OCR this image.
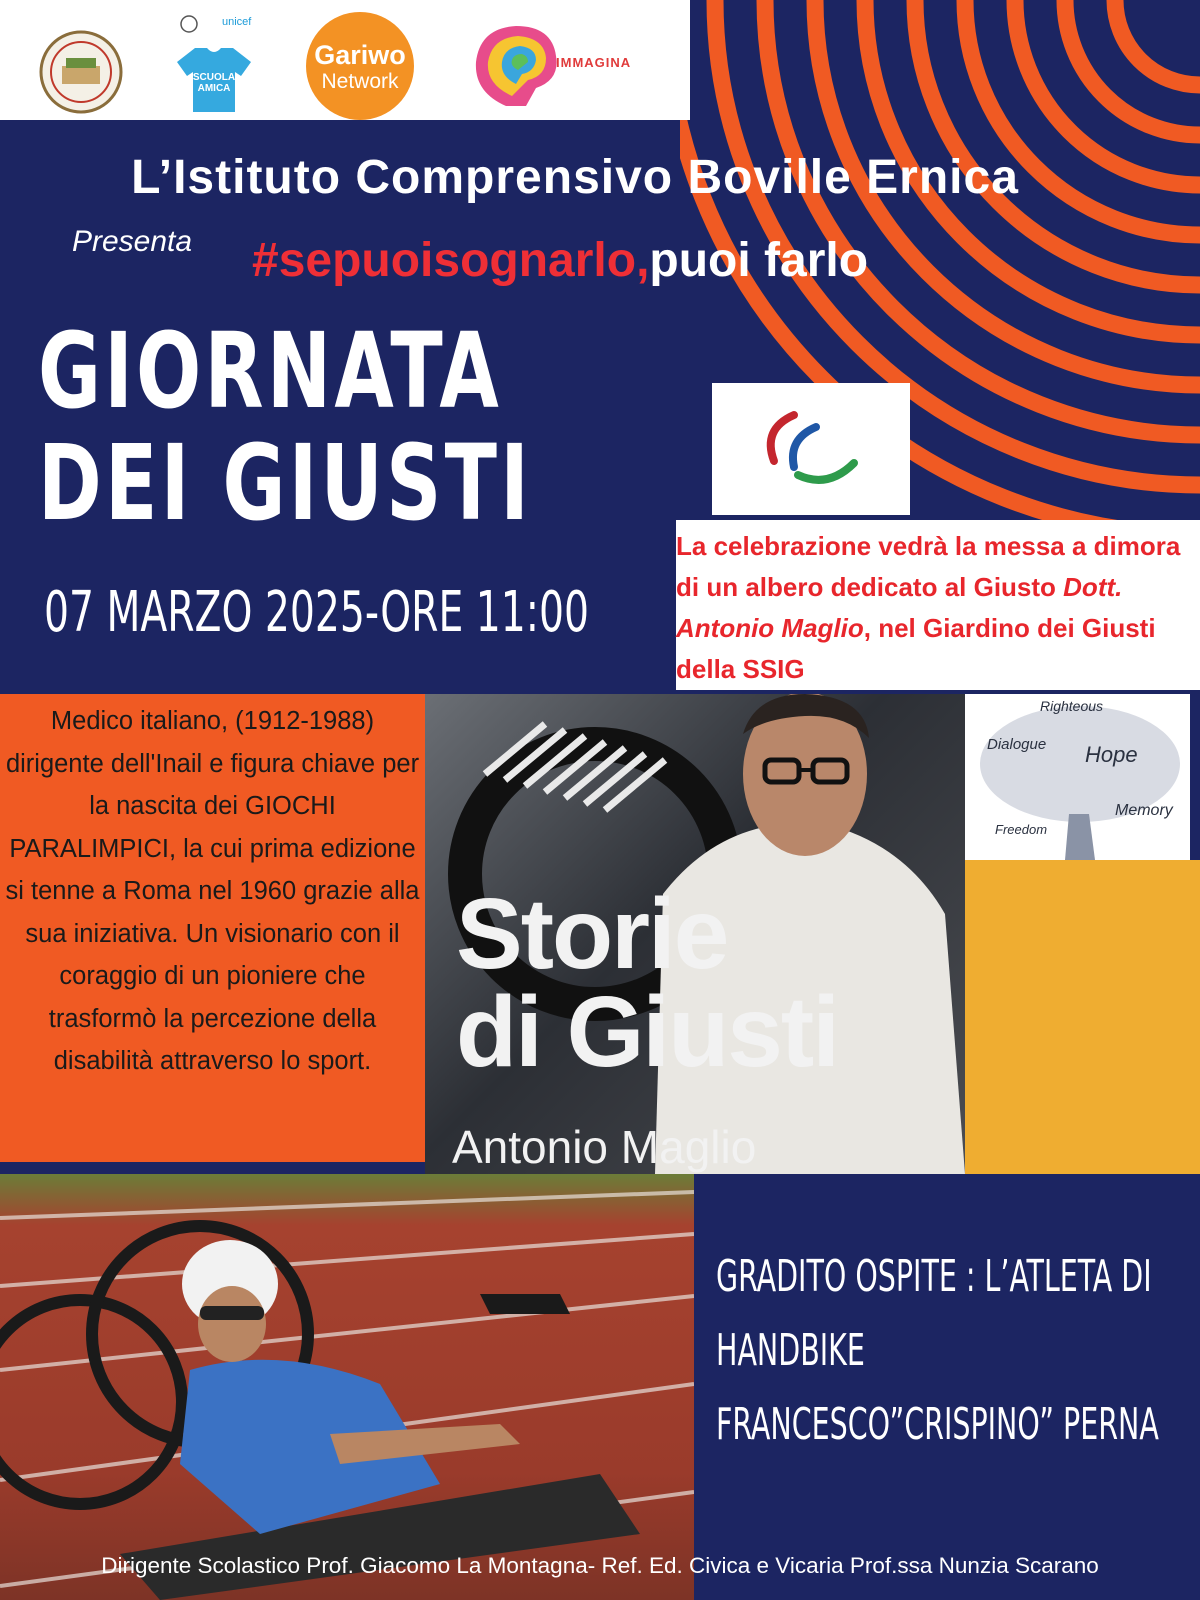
unicef
SCUOLA AMICA
Gariwo
Network
IMMAGINA
L’Istituto Comprensivo Boville Ernica
Presenta #sepuoisognarlo,puoi farlo
GIORNATA
DEI GIUSTI
07 MARZO 2025-ORE 11:00

La celebrazione vedrà la messa a dimora di un albero dedicato al Giusto Dott. Antonio Maglio, nel Giardino dei Giusti della SSIG

Medico italiano, (1912-1988) dirigente dell'Inail e figura chiave per la nascita dei GIOCHI PARALIMPICI, la cui prima edizione si tenne a Roma nel 1960 grazie alla sua iniziativa. Un visionario con il coraggio di un pioniere che trasformò la percezione della disabilità attraverso lo sport.

Storie
di Giusti
Antonio Maglio
Righteous
Hope
Memory
Dialogue
Freedom

GRADITO OSPITE : L’ATLETA DI
HANDBIKE
FRANCESCO”CRISPINO” PERNA

Dirigente Scolastico Prof. Giacomo La Montagna- Ref. Ed. Civica e Vicaria Prof.ssa Nunzia Scarano
